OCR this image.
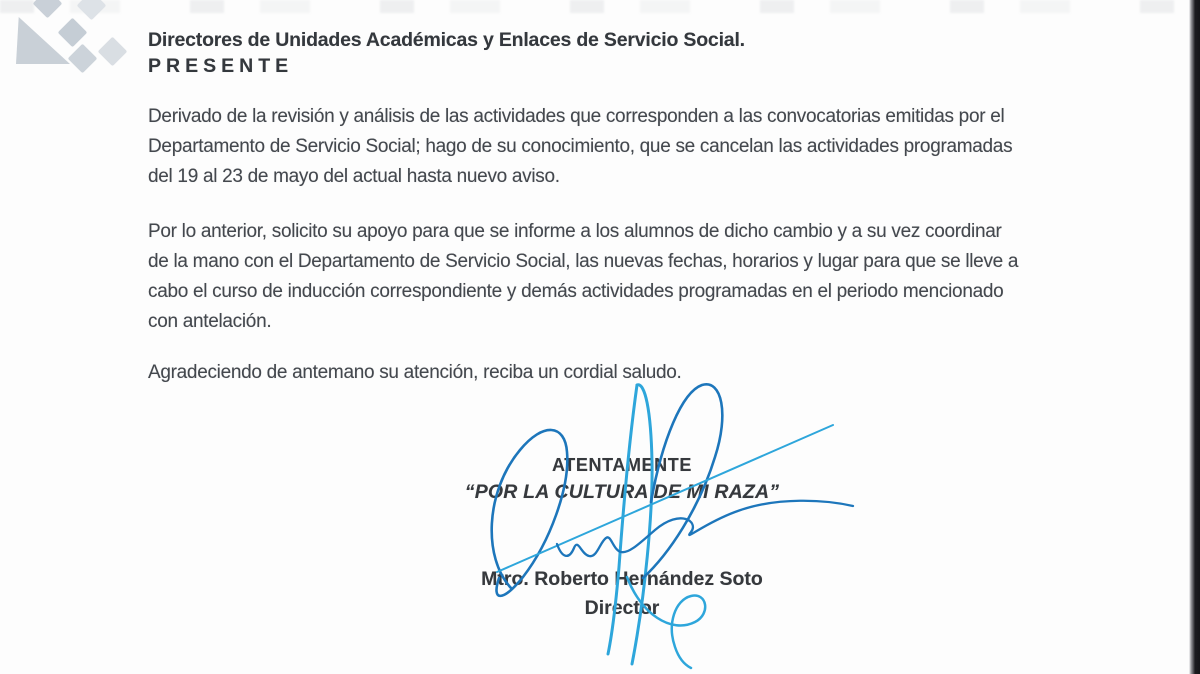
Directores de Unidades Académicas y Enlaces de Servicio Social.
PRESENTE
Derivado de la revisión y análisis de las actividades que corresponden a las convocatorias emitidas por el
Departamento de Servicio Social; hago de su conocimiento, que se cancelan las actividades programadas
del 19 al 23 de mayo del actual hasta nuevo aviso.
Por lo anterior, solicito su apoyo para que se informe a los alumnos de dicho cambio y a su vez coordinar
de la mano con el Departamento de Servicio Social, las nuevas fechas, horarios y lugar para que se lleve a
cabo el curso de inducción correspondiente y demás actividades programadas en el periodo mencionado
con antelación.
Agradeciendo de antemano su atención, reciba un cordial saludo.
ATENTAMENTE
“POR LA CULTURA DE MI RAZA”
Mtro. Roberto Hernández Soto
Director
